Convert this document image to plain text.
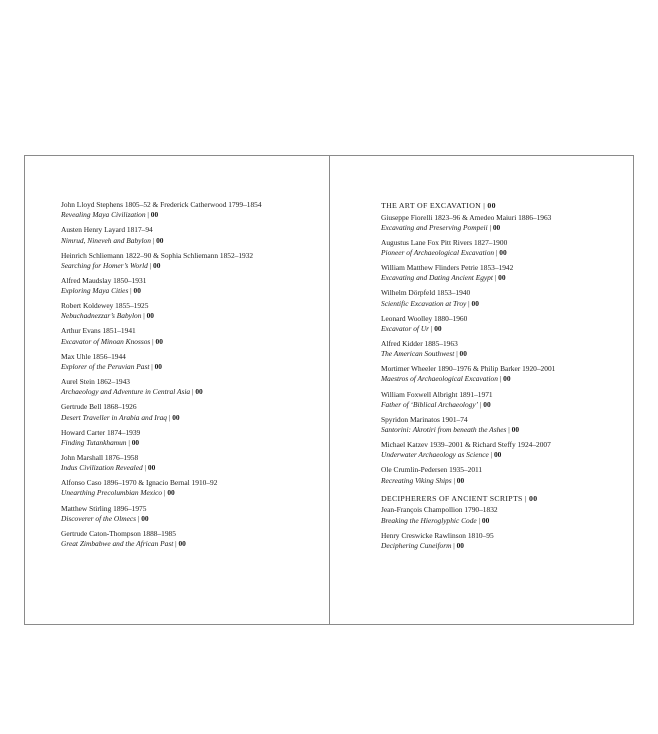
John Lloyd Stephens 1805–52 & Frederick Catherwood 1799–1854
Revealing Maya Civilization | 00
Austen Henry Layard 1817–94
Nimrud, Nineveh and Babylon | 00
Heinrich Schliemann 1822–90 & Sophia Schliemann 1852–1932
Searching for Homer’s World | 00
Alfred Maudslay 1850–1931
Exploring Maya Cities | 00
Robert Koldewey 1855–1925
Nebuchadnezzar’s Babylon | 00
Arthur Evans 1851–1941
Excavator of Minoan Knossos | 00
Max Uhle 1856–1944
Explorer of the Peruvian Past | 00
Aurel Stein 1862–1943
Archaeology and Adventure in Central Asia | 00
Gertrude Bell 1868–1926
Desert Traveller in Arabia and Iraq | 00
Howard Carter 1874–1939
Finding Tutankhamun | 00
John Marshall 1876–1958
Indus Civilization Revealed | 00
Alfonso Caso 1896–1970 & Ignacio Bernal 1910–92
Unearthing Precolumbian Mexico | 00
Matthew Stirling 1896–1975
Discoverer of the Olmecs | 00
Gertrude Caton-Thompson 1888–1985
Great Zimbabwe and the African Past | 00
THE ART OF EXCAVATION | 00
Giuseppe Fiorelli 1823–96 & Amedeo Maiuri 1886–1963
Excavating and Preserving Pompeii | 00
Augustus Lane Fox Pitt Rivers 1827–1900
Pioneer of Archaeological Excavation | 00
William Matthew Flinders Petrie 1853–1942
Excavating and Dating Ancient Egypt | 00
Wilhelm Dörpfeld 1853–1940
Scientific Excavation at Troy | 00
Leonard Woolley 1880–1960
Excavator of Ur | 00
Alfred Kidder 1885–1963
The American Southwest | 00
Mortimer Wheeler 1890–1976 & Philip Barker 1920–2001
Maestros of Archaeological Excavation | 00
William Foxwell Albright 1891–1971
Father of ‘Biblical Archaeology’ | 00
Spyridon Marinatos 1901–74
Santorini: Akrotiri from beneath the Ashes | 00
Michael Katzev 1939–2001 & Richard Steffy 1924–2007
Underwater Archaeology as Science | 00
Ole Crumlin-Pedersen 1935–2011
Recreating Viking Ships | 00
DECIPHERERS OF ANCIENT SCRIPTS | 00
Jean-François Champollion 1790–1832
Breaking the Hieroglyphic Code | 00
Henry Creswicke Rawlinson 1810–95
Deciphering Cuneiform | 00
